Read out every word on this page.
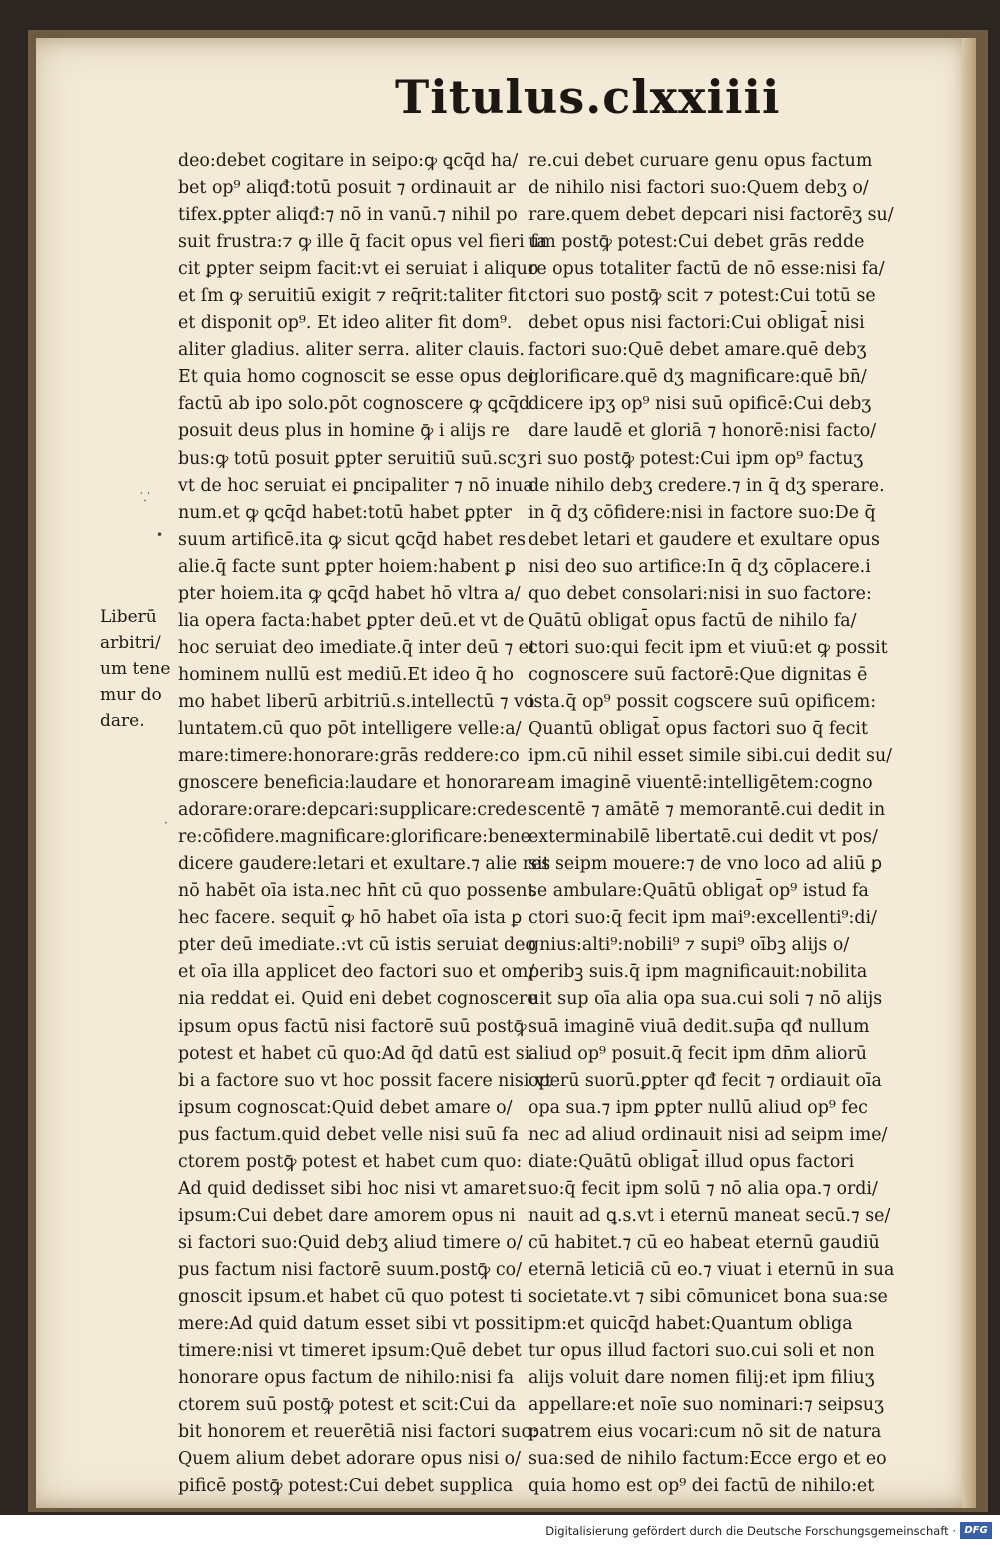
Titulus.clxxiiii
Liberū
arbitri/
um tene
mur do
dare.
⸪
•
·
deo:debet cogitare in seipo:ꝙ ꝗcq̄d ha/
bet op⁹ aliqđ:totū posuit ⁊ ordinauit ar
tifex.ꝑpter aliqđ:⁊ nō in vanū.⁊ nihil po
suit frustra:⁊ ꝙ ille q̄ facit opus vel fieri fa
cit ꝑpter seipm facit:vt ei seruiat i aliquo
et ſm ꝙ seruitiū exigit ⁊ req̄rit:taliter fit
et disponit op⁹. Et ideo aliter fit dom⁹.
aliter gladius. aliter serra. aliter clauis.
Et quia homo cognoscit se esse opus dei
factū ab ipo solo.pōt cognoscere ꝙ ꝗcq̄d
posuit deus plus in homine ꝙ̄ i alijs re
bus:ꝙ totū posuit ꝑpter seruitiū suū.scʒ
vt de hoc seruiat ei ꝑncipaliter ⁊ nō inua
num.et ꝙ ꝗcq̄d habet:totū habet ꝑpter
suum artificē.ita ꝙ sicut ꝗcq̄d habet res
alie.q̄ facte sunt ꝑpter hoiem:habent ꝑ
pter hoiem.ita ꝙ ꝗcq̄d habet hō vltra a/
lia opera facta:habet ꝑpter deū.et vt de
hoc seruiat deo imediate.q̄ inter deū ⁊ et
hominem nullū est mediū.Et ideo q̄ ho
mo habet liberū arbitriū.s.intellectū ⁊ vo
luntatem.cū quo pōt intelligere velle:a/
mare:timere:honorare:grās reddere:co
gnoscere beneficia:laudare et honorare:
adorare:orare:depcari:supplicare:crede
re:cōfidere.magnificare:glorificare:bene
dicere gaudere:letari et exultare.⁊ alie res
nō habēt oīa ista.nec hn̄t cū quo possent
hec facere. sequit̄ ꝙ hō habet oīa ista ꝑ
pter deū imediate.:vt cū istis seruiat deo
et oīa illa applicet deo factori suo et om/
nia reddat ei. Quid eni debet cognoscere
ipsum opus factū nisi factorē suū postꝙ̄
potest et habet cū quo:Ad q̄d datū est si
bi a factore suo vt hoc possit facere nisi vt
ipsum cognoscat:Quid debet amare o/
pus factum.quid debet velle nisi suū fa
ctorem postꝙ̄ potest et habet cum quo:
Ad quid dedisset sibi hoc nisi vt amaret
ipsum:Cui debet dare amorem opus ni
si factori suo:Quid debʒ aliud timere o/
pus factum nisi factorē suum.postꝙ̄ co/
gnoscit ipsum.et habet cū quo potest ti
mere:Ad quid datum esset sibi vt possit
timere:nisi vt timeret ipsum:Quē debet
honorare opus factum de nihilo:nisi fa
ctorem suū postꝙ̄ potest et scit:Cui da
bit honorem et reuerētiā nisi factori suo:
Quem alium debet adorare opus nisi o/
pificē postꝙ̄ potest:Cui debet supplica
re.cui debet curuare genu opus factum
de nihilo nisi factori suo:Quem debʒ o/
rare.quem debet depcari nisi factorēʒ su/
um postꝙ̄ potest:Cui debet grās redde
re opus totaliter factū de nō esse:nisi fa/
ctori suo postꝙ̄ scit ⁊ potest:Cui totū se
debet opus nisi factori:Cui obligat̄ nisi
factori suo:Quē debet amare.quē debʒ
glorificare.quē dʒ magnificare:quē bn̄/
dicere ipʒ op⁹ nisi suū opificē:Cui debʒ
dare laudē et gloriā ⁊ honorē:nisi facto/
ri suo postꝙ̄ potest:Cui ipm op⁹ factuʒ
de nihilo debʒ credere.⁊ in q̄ dʒ sperare.
in q̄ dʒ cōfidere:nisi in factore suo:De q̄
debet letari et gaudere et exultare opus
nisi deo suo artifice:In q̄ dʒ cōplacere.i
quo debet consolari:nisi in suo factore:
Quātū obligat̄ opus factū de nihilo fa/
ctori suo:qui fecit ipm et viuū:et ꝙ possit
cognoscere suū factorē:Que dignitas ē
ista.q̄ op⁹ possit cogscere suū opificem:
Quantū obligat̄ opus factori suo q̄ fecit
ipm.cū nihil esset simile sibi.cui dedit su/
am imaginē viuentē:intelligētem:cogno
scentē ⁊ amātē ⁊ memorantē.cui dedit in
exterminabilē libertatē.cui dedit vt pos/
sit seipm mouere:⁊ de vno loco ad aliū ꝑ
se ambulare:Quātū obligat̄ op⁹ istud fa
ctori suo:q̄ fecit ipm mai⁹:excellenti⁹:di/
gnius:alti⁹:nobili⁹ ⁊ supi⁹ oībꝫ alijs o/
peribꝫ suis.q̄ ipm magnificauit:nobilita
uit sup oīa alia opa sua.cui soli ⁊ nō alijs
suā imaginē viuā dedit.sup̄a qđ nullum
aliud op⁹ posuit.q̄ fecit ipm dn̄m aliorū
operū suorū.ꝑpter qđ fecit ⁊ ordiauit oīa
opa sua.⁊ ipm ꝑpter nullū aliud op⁹ fec
nec ad aliud ordinauit nisi ad seipm ime/
diate:Quātū obligat̄ illud opus factori
suo:q̄ fecit ipm solū ⁊ nō alia opa.⁊ ordi/
nauit ad ꝗ.s.vt i eternū maneat secū.⁊ se/
cū habitet.⁊ cū eo habeat eternū gaudiū
eternā leticiā cū eo.⁊ viuat i eternū in sua
societate.vt ⁊ sibi cōmunicet bona sua:se
ipm:et quicq̄d habet:Quantum obliga
tur opus illud factori suo.cui soli et non
alijs voluit dare nomen filij:et ipm filiuʒ
appellare:et noīe suo nominari:⁊ seipsuʒ
patrem eius vocari:cum nō sit de natura
sua:sed de nihilo factum:Ecce ergo et eo
quia homo est op⁹ dei factū de nihilo:et
Digitalisierung gefördert durch die Deutsche Forschungsgemeinschaft · DFG
